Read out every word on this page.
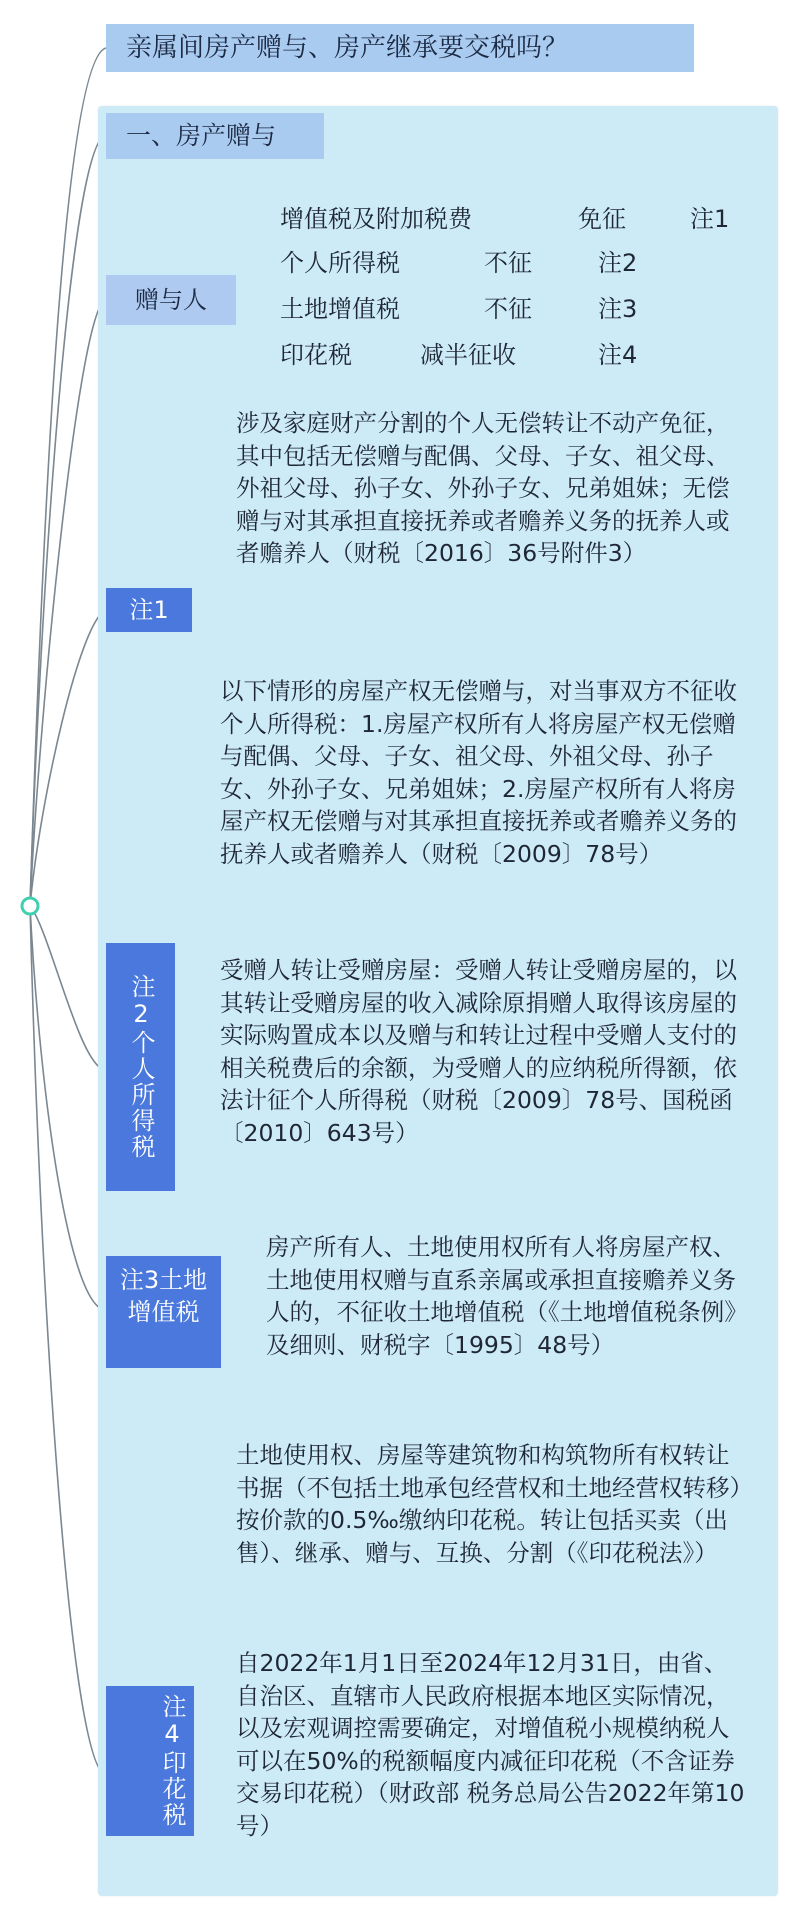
亲属间房产赠与、房产继承要交税吗？
一、房产赠与
赠与人

增值税及附加税费

	免征

	注1

个人所得税

	不征

	注2

土地增值税

	不征

	注3

印花税

	减半征收

	注4

涉及家庭财产分割的个人无偿转让不动产免征，其中包括无偿赠与配偶、父母、子女、祖父母、外祖父母、孙子女、外孙子女、兄弟姐妹；无偿赠与对其承担直接抚养或者赡养义务的抚养人或者赡养人（财税〔2016〕36号附件3）
注1
以下情形的房屋产权无偿赠与，对当事双方不征收个人所得税：1.房屋产权所有人将房屋产权无偿赠与配偶、父母、子女、祖父母、外祖父母、孙子女、外孙子女、兄弟姐妹；2.房屋产权所有人将房屋产权无偿赠与对其承担直接抚养或者赡养义务的抚养人或者赡养人（财税〔2009〕78号）
注2个人所得税
受赠人转让受赠房屋：受赠人转让受赠房屋的，以其转让受赠房屋的收入减除原捐赠人取得该房屋的实际购置成本以及赠与和转让过程中受赠人支付的相关税费后的余额，为受赠人的应纳税所得额，依法计征个人所得税（财税〔2009〕78号、国税函〔2010〕643号）
注3土地增值税
房产所有人、土地使用权所有人将房屋产权、土地使用权赠与直系亲属或承担直接赡养义务人的，不征收土地增值税（《土地增值税条例》及细则、财税字〔1995〕48号）
土地使用权、房屋等建筑物和构筑物所有权转让书据（不包括土地承包经营权和土地经营权转移）按价款的0.5‰缴纳印花税。转让包括买卖（出售）、继承、赠与、互换、分割（《印花税法》）
注4印花税
自2022年1月1日至2024年12月31日，由省、自治区、直辖市人民政府根据本地区实际情况，以及宏观调控需要确定，对增值税小规模纳税人可以在50%的税额幅度内减征印花税（不含证券交易印花税）（财政部 税务总局公告2022年第10号）
